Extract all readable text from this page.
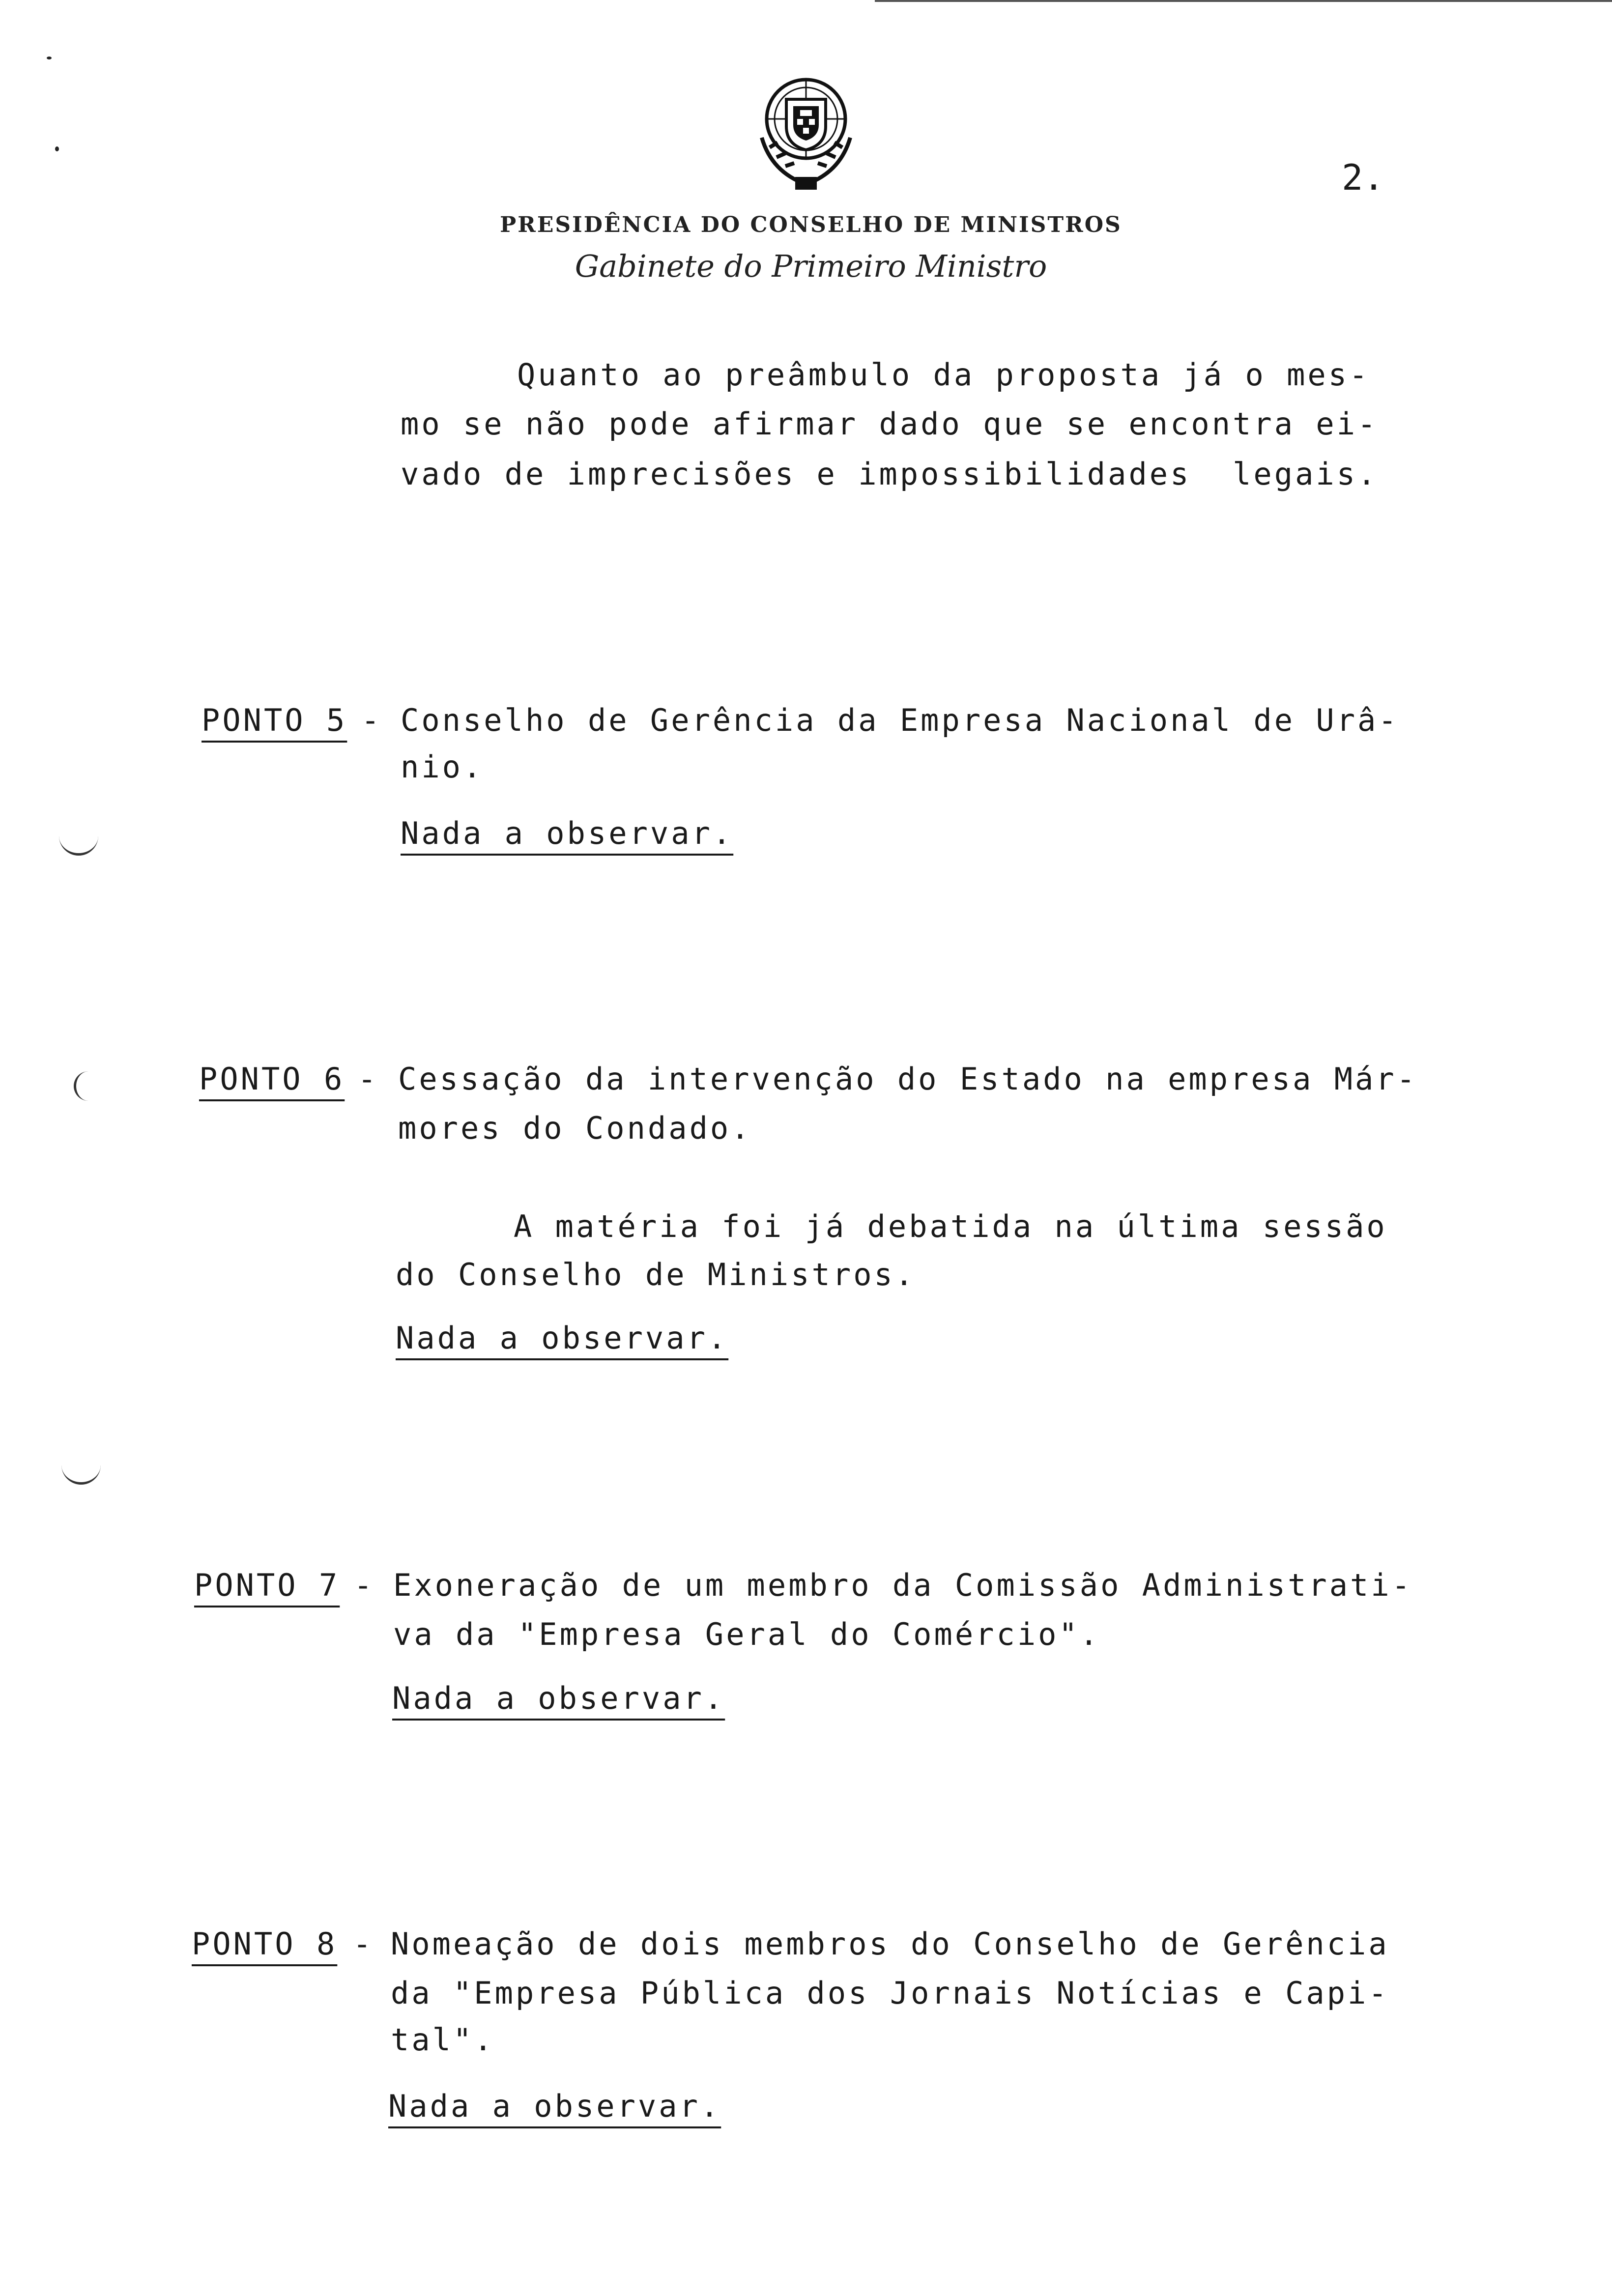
2.
PRESIDÊNCIA DO CONSELHO DE MINISTROS
Gabinete do Primeiro Ministro
Quanto ao preâmbulo da proposta já o mes-
mo se não pode afirmar dado que se encontra ei-
vado de imprecisões e impossibilidades  legais.
PONTO 5 - Conselho de Gerência da Empresa Nacional de Urâ-
nio.
Nada a observar.
PONTO 6 - Cessação da intervenção do Estado na empresa Már-
mores do Condado.
A matéria foi já debatida na última sessão
do Conselho de Ministros.
Nada a observar.
PONTO 7 - Exoneração de um membro da Comissão Administrati-
va da "Empresa Geral do Comércio".
Nada a observar.
PONTO 8 - Nomeação de dois membros do Conselho de Gerência
da "Empresa Pública dos Jornais Notícias e Capi-
tal".
Nada a observar.
